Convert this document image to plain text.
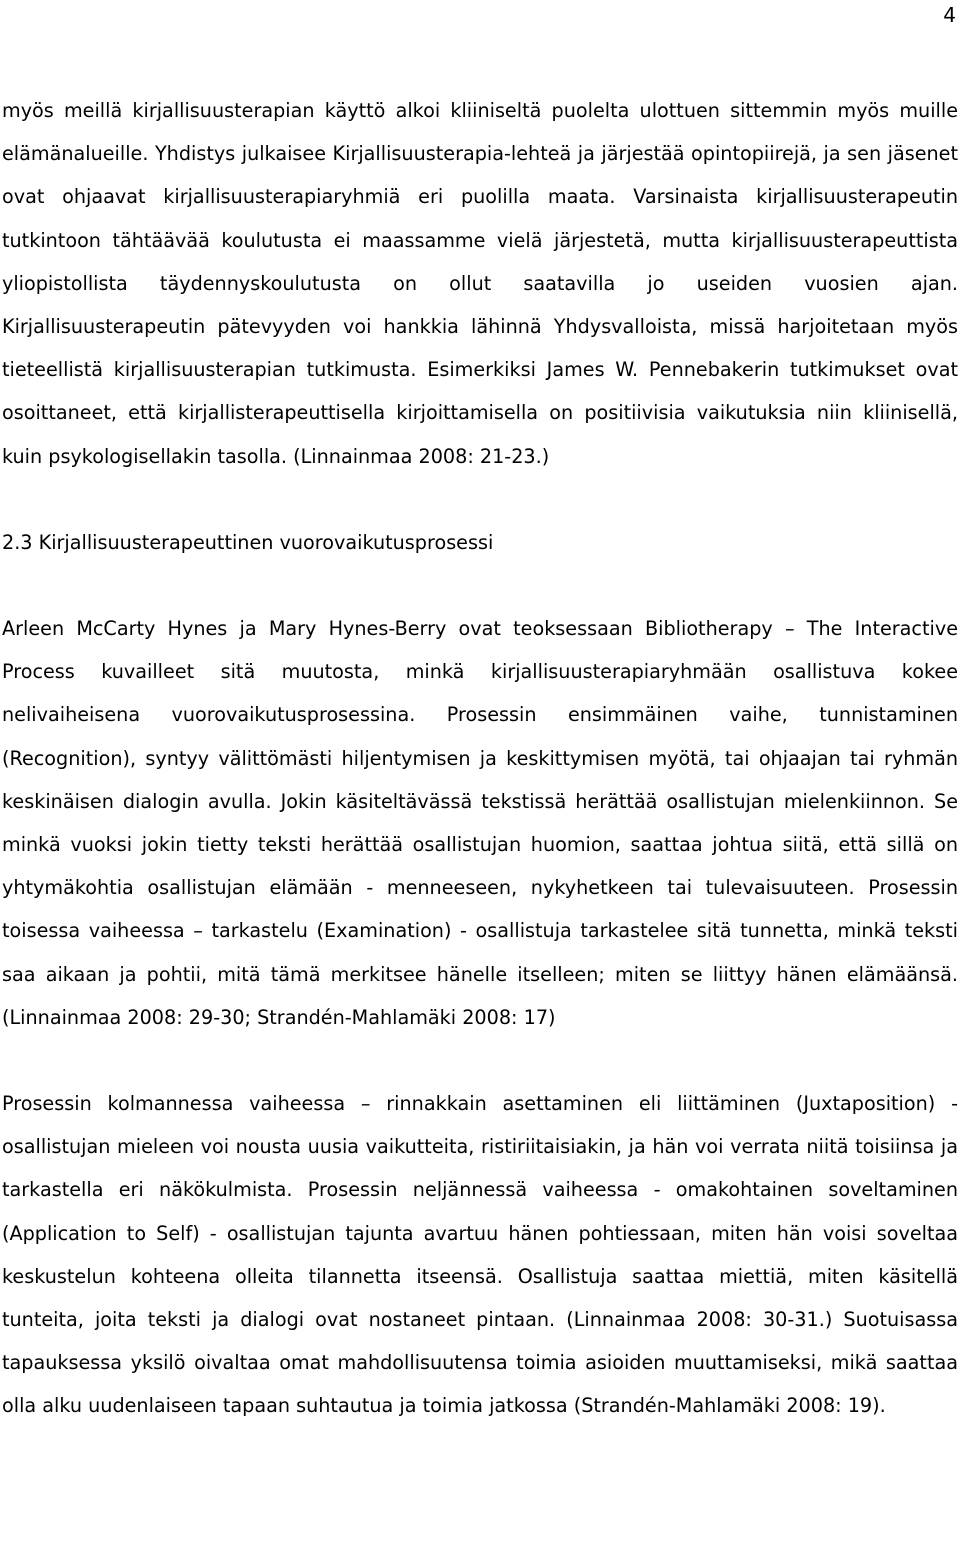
4

myös meillä kirjallisuusterapian käyttö alkoi kliiniseltä puolelta ulottuen sittemmin myös muille elämänalueille. Yhdistys julkaisee Kirjallisuusterapia-lehteä ja järjestää opintopiirejä, ja sen jäsenet ovat ohjaavat kirjallisuusterapiaryhmiä eri puolilla maata. Varsinaista kirjallisuusterapeutin tutkintoon tähtäävää koulutusta ei maassamme vielä järjestetä, mutta kirjallisuusterapeuttista yliopistollista täydennyskoulutusta on ollut saatavilla jo useiden vuosien ajan. Kirjallisuusterapeutin pätevyyden voi hankkia lähinnä Yhdysvalloista, missä harjoitetaan myös tieteellistä kirjallisuusterapian tutkimusta. Esimerkiksi James W. Pennebakerin tutkimukset ovat osoittaneet, että kirjallisterapeuttisella kirjoittamisella on positiivisia vaikutuksia niin kliinisellä, kuin psykologisellakin tasolla. (Linnainmaa 2008: 21-23.)

2.3 Kirjallisuusterapeuttinen vuorovaikutusprosessi

Arleen McCarty Hynes ja Mary Hynes-Berry ovat teoksessaan Bibliotherapy – The Interactive Process kuvailleet sitä muutosta, minkä kirjallisuusterapiaryhmään osallistuva kokee nelivaiheisena vuorovaikutusprosessina. Prosessin ensimmäinen vaihe, tunnistaminen (Recognition), syntyy välittömästi hiljentymisen ja keskittymisen myötä, tai ohjaajan tai ryhmän keskinäisen dialogin avulla. Jokin käsiteltävässä tekstissä herättää osallistujan mielenkiinnon. Se minkä vuoksi jokin tietty teksti herättää osallistujan huomion, saattaa johtua siitä, että sillä on yhtymäkohtia osallistujan elämään - menneeseen, nykyhetkeen tai tulevaisuuteen. Prosessin toisessa vaiheessa – tarkastelu (Examination) - osallistuja tarkastelee sitä tunnetta, minkä teksti saa aikaan ja pohtii, mitä tämä merkitsee hänelle itselleen; miten se liittyy hänen elämäänsä. (Linnainmaa 2008: 29-30; Strandén-Mahlamäki 2008: 17)

Prosessin kolmannessa vaiheessa – rinnakkain asettaminen eli liittäminen (Juxtaposition) - osallistujan mieleen voi nousta uusia vaikutteita, ristiriitaisiakin, ja hän voi verrata niitä toisiinsa ja tarkastella eri näkökulmista. Prosessin neljännessä vaiheessa - omakohtainen soveltaminen (Application to Self) - osallistujan tajunta avartuu hänen pohtiessaan, miten hän voisi soveltaa keskustelun kohteena olleita tilannetta itseensä. Osallistuja saattaa miettiä, miten käsitellä tunteita, joita teksti ja dialogi ovat nostaneet pintaan. (Linnainmaa 2008: 30-31.) Suotuisassa tapauksessa yksilö oivaltaa omat mahdollisuutensa toimia asioiden muuttamiseksi, mikä saattaa olla alku uudenlaiseen tapaan suhtautua ja toimia jatkossa (Strandén-Mahlamäki 2008: 19).
